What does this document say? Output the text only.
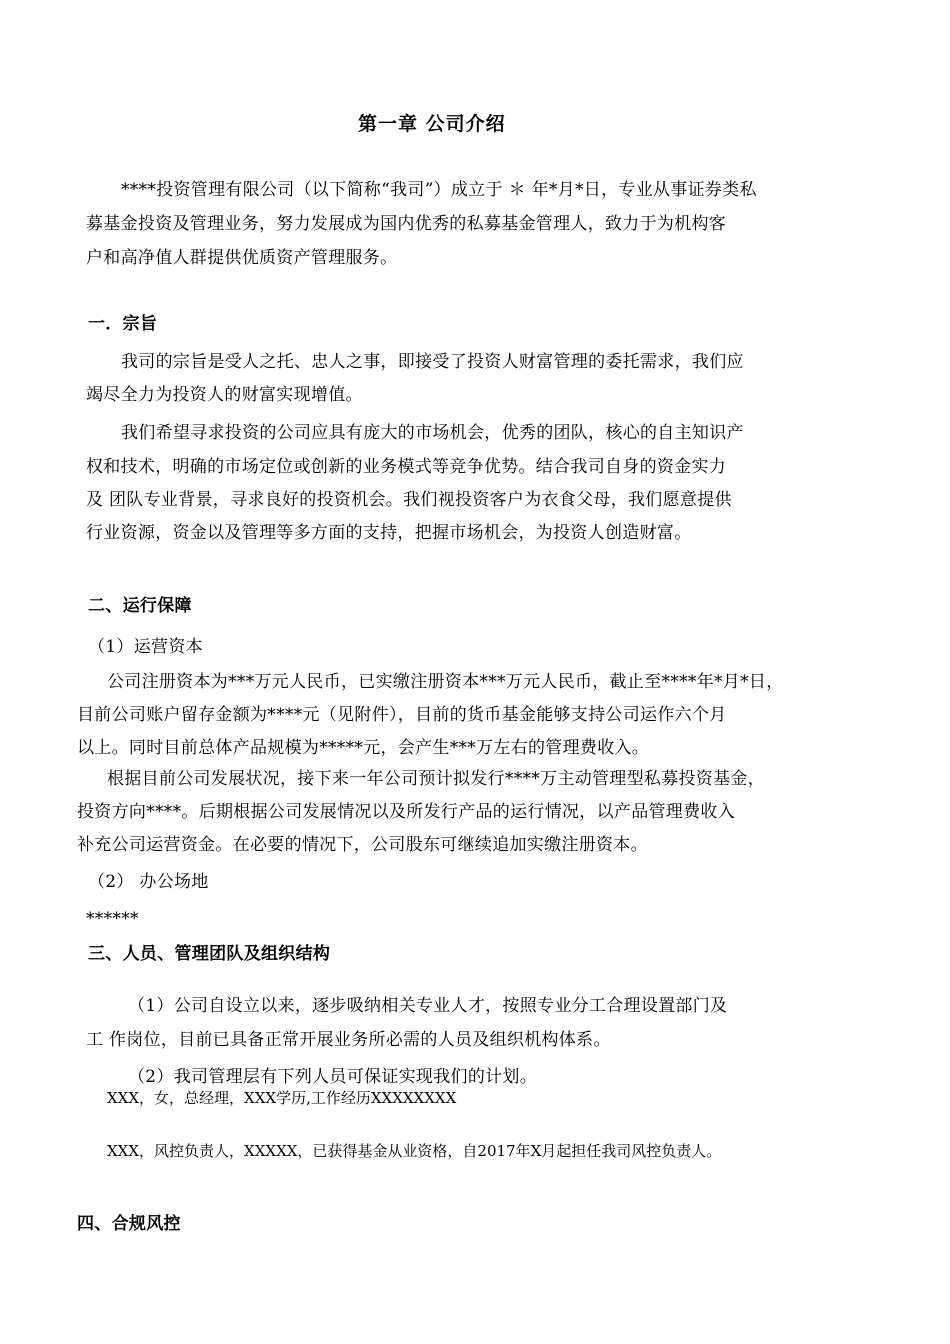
第一章 公司介绍
****投资管理有限公司（以下简称“我司”）成立于 ＊ 年*月*日，专业从事证券类私
募基金投资及管理业务，努力发展成为国内优秀的私募基金管理人，致力于为机构客
户和高净值人群提供优质资产管理服务。
一．宗旨
我司的宗旨是受人之托、忠人之事，即接受了投资人财富管理的委托需求，我们应
竭尽全力为投资人的财富实现增值。
我们希望寻求投资的公司应具有庞大的市场机会，优秀的团队，核心的自主知识产
权和技术，明确的市场定位或创新的业务模式等竞争优势。结合我司自身的资金实力
及 团队专业背景，寻求良好的投资机会。我们视投资客户为衣食父母，我们愿意提供
行业资源，资金以及管理等多方面的支持，把握市场机会，为投资人创造财富。
二、运行保障
（1）运营资本
公司注册资本为***万元人民币，已实缴注册资本***万元人民币，截止至****年*月*日，
目前公司账户留存金额为****元（见附件），目前的货币基金能够支持公司运作六个月
以上。同时目前总体产品规模为*****元，会产生***万左右的管理费收入。
根据目前公司发展状况，接下来一年公司预计拟发行****万主动管理型私募投资基金，
投资方向****。后期根据公司发展情况以及所发行产品的运行情况，以产品管理费收入
补充公司运营资金。在必要的情况下，公司股东可继续追加实缴注册资本。
（2） 办公场地
******
三、人员、管理团队及组织结构
（1）公司自设立以来，逐步吸纳相关专业人才，按照专业分工合理设置部门及
工 作岗位，目前已具备正常开展业务所必需的人员及组织机构体系。
（2）我司管理层有下列人员可保证实现我们的计划。
XXX，女，总经理，XXX学历,工作经历XXXXXXXX
XXX，风控负责人，XXXXX，已获得基金从业资格，自2017年X月起担任我司风控负责人。
四、合规风控
